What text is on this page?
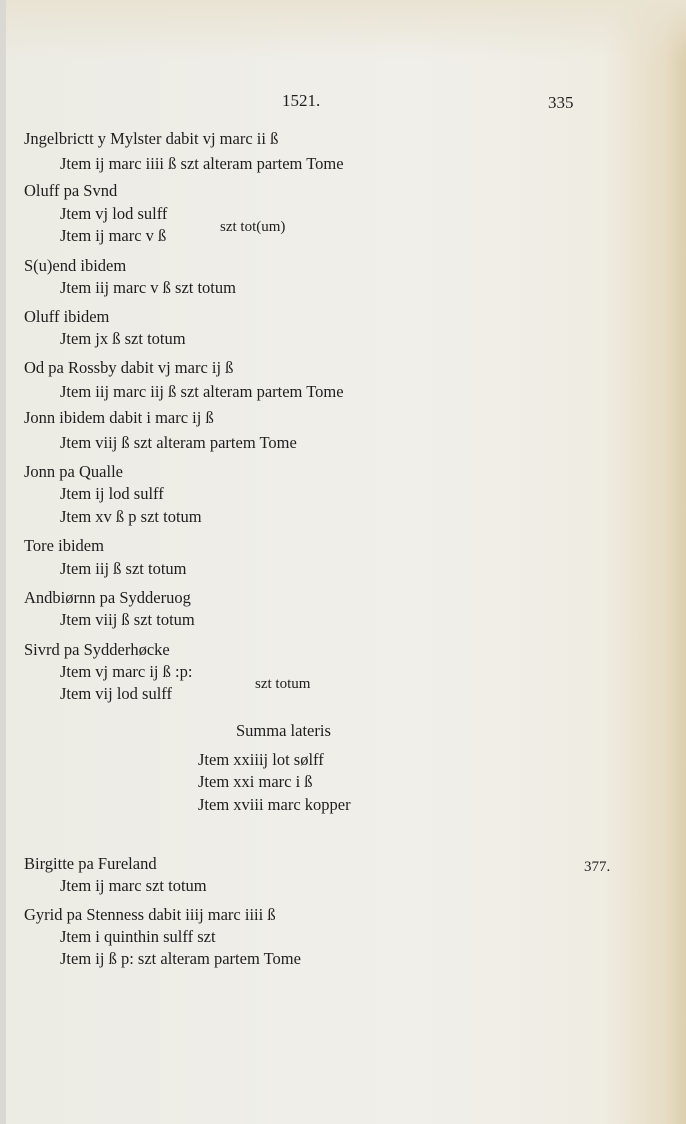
1521.	335
Jngelbrictt y Mylster dabit vj marc ii ß
Jtem ij marc iiii ß szt alteram partem Tome
Oluff pa Svnd
Jtem vj lod sulff
Jtem ij marc v ß	szt tot(um)
S(u)end ibidem
Jtem iij marc v ß szt totum
Oluff ibidem
Jtem jx ß szt totum
Od pa Rossby dabit vj marc ij ß
Jtem iij marc iij ß szt alteram partem Tome
Jonn ibidem dabit i marc ij ß
Jtem viij ß szt alteram partem Tome
Jonn pa Qualle
Jtem ij lod sulff
Jtem xv ß p szt totum
Tore ibidem
Jtem iij ß szt totum
Andbiørnn pa Sydderuog
Jtem viij ß szt totum
Sivrd pa Sydderhøcke
Jtem vj marc ij ß :p:
Jtem vij lod sulff	szt totum
Summa lateris
Jtem xxiiij lot sølff
Jtem xxi marc i ß
Jtem xviii marc kopper
Birgitte pa Fureland	377.
Jtem ij marc szt totum
Gyrid pa Stenness dabit iiij marc iiii ß
Jtem i quinthin sulff szt
Jtem ij ß p: szt alteram partem Tome
